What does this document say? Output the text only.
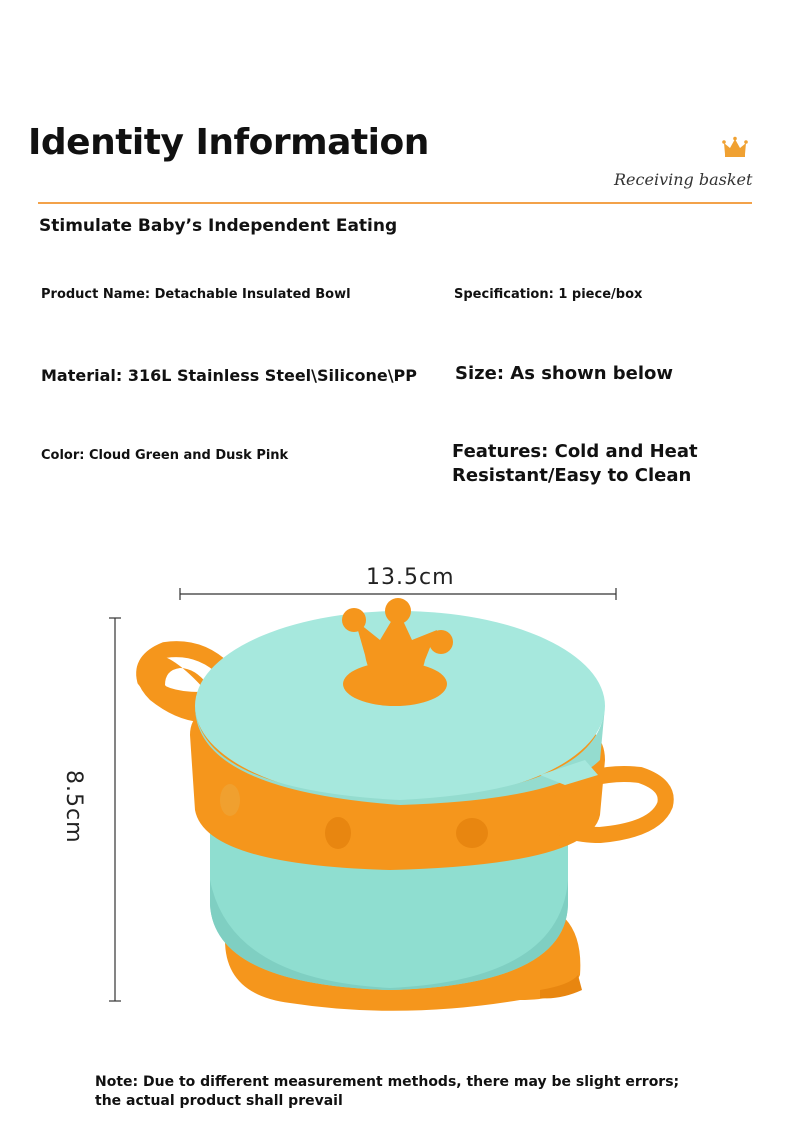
Identity Information
Receiving basket
Stimulate Baby’s Independent Eating
Product Name: Detachable Insulated Bowl	Specification: 1 piece/box
Material: 316L Stainless Steel\Silicone\PP Size: As shown below
Color: Cloud Green and Dusk Pink	Features: Cold and Heat Resistant/Easy to Clean
13.5cm
8.5cm
Note: Due to different measurement methods, there may be slight errors; the actual product shall prevail
